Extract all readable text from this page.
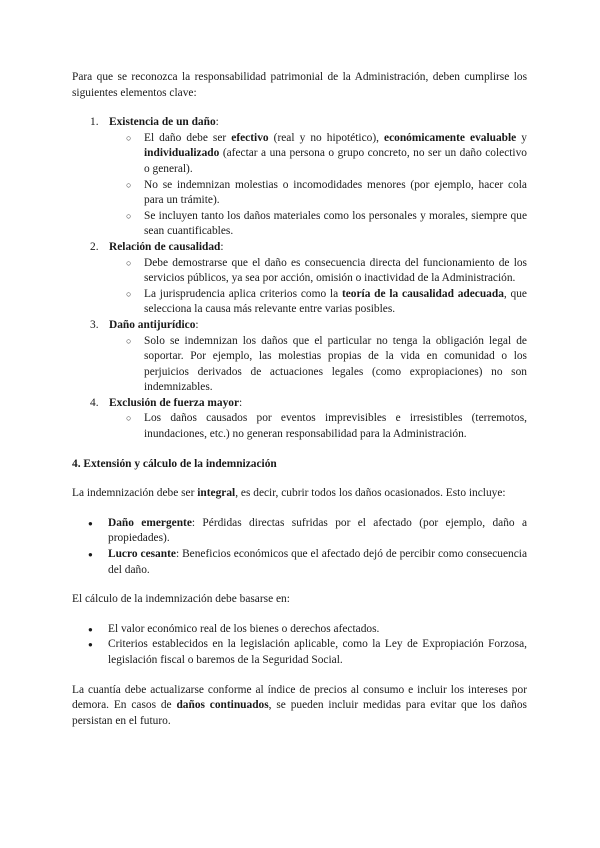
Para que se reconozca la responsabilidad patrimonial de la Administración, deben cumplirse los siguientes elementos clave:

1. Existencia de un daño:
○ El daño debe ser efectivo (real y no hipotético), económicamente evaluable y individualizado (afectar a una persona o grupo concreto, no ser un daño colectivo o general).
○ No se indemnizan molestias o incomodidades menores (por ejemplo, hacer cola para un trámite).
○ Se incluyen tanto los daños materiales como los personales y morales, siempre que sean cuantificables.
2. Relación de causalidad:
○ Debe demostrarse que el daño es consecuencia directa del funcionamiento de los servicios públicos, ya sea por acción, omisión o inactividad de la Administración.
○ La jurisprudencia aplica criterios como la teoría de la causalidad adecuada, que selecciona la causa más relevante entre varias posibles.
3. Daño antijurídico:
○ Solo se indemnizan los daños que el particular no tenga la obligación legal de soportar. Por ejemplo, las molestias propias de la vida en comunidad o los perjuicios derivados de actuaciones legales (como expropiaciones) no son indemnizables.
4. Exclusión de fuerza mayor:
○ Los daños causados por eventos imprevisibles e irresistibles (terremotos, inundaciones, etc.) no generan responsabilidad para la Administración.
4. Extensión y cálculo de la indemnización

La indemnización debe ser integral, es decir, cubrir todos los daños ocasionados. Esto incluye:

● Daño emergente: Pérdidas directas sufridas por el afectado (por ejemplo, daño a propiedades).
● Lucro cesante: Beneficios económicos que el afectado dejó de percibir como consecuencia del daño.

El cálculo de la indemnización debe basarse en:

● El valor económico real de los bienes o derechos afectados.
● Criterios establecidos en la legislación aplicable, como la Ley de Expropiación Forzosa, legislación fiscal o baremos de la Seguridad Social.

La cuantía debe actualizarse conforme al índice de precios al consumo e incluir los intereses por demora. En casos de daños continuados, se pueden incluir medidas para evitar que los daños persistan en el futuro.
